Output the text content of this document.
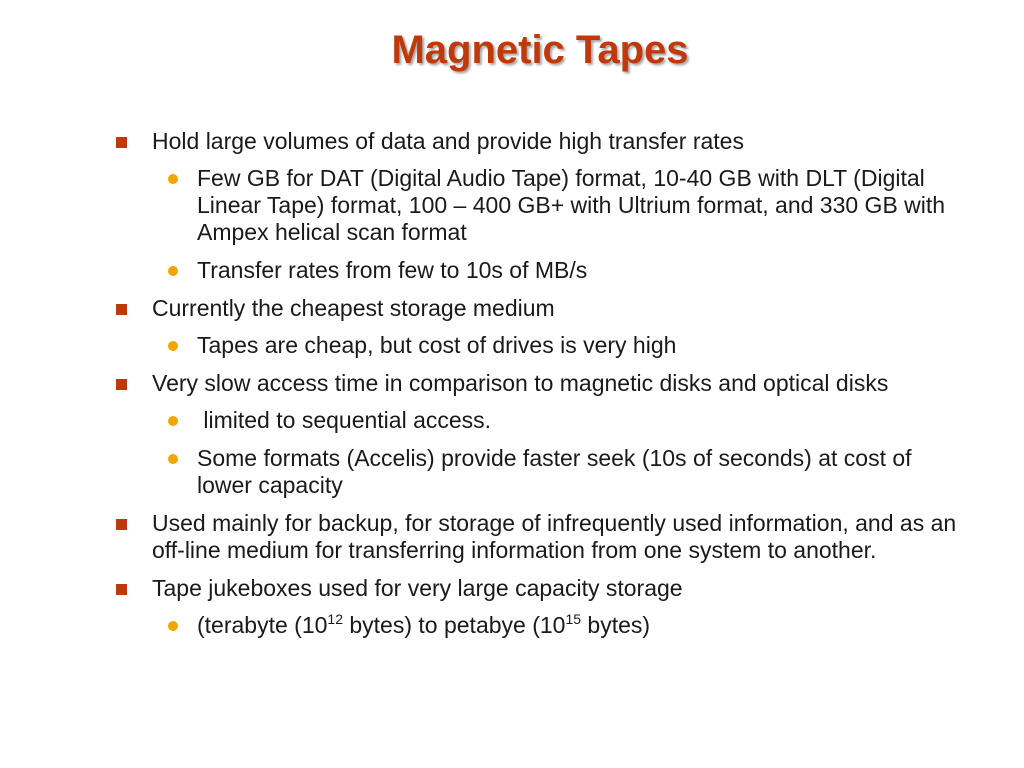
Magnetic Tapes
Hold large volumes of data and provide high transfer rates
Few GB for DAT (Digital Audio Tape) format, 10-40 GB with DLT (Digital Linear Tape) format, 100 – 400 GB+ with Ultrium format, and 330 GB with Ampex helical scan format
Transfer rates from few to 10s of MB/s
Currently the cheapest storage medium
Tapes are cheap, but cost of drives is very high
Very slow access time in comparison to magnetic disks and optical disks
limited to sequential access.
Some formats (Accelis) provide faster seek (10s of seconds) at cost of lower capacity
Used mainly for backup, for storage of infrequently used information, and as an off-line medium for transferring information from one system to another.
Tape jukeboxes used for very large capacity storage
(terabyte ($10^{12}$ bytes) to petabye ($10^{15}$ bytes)
